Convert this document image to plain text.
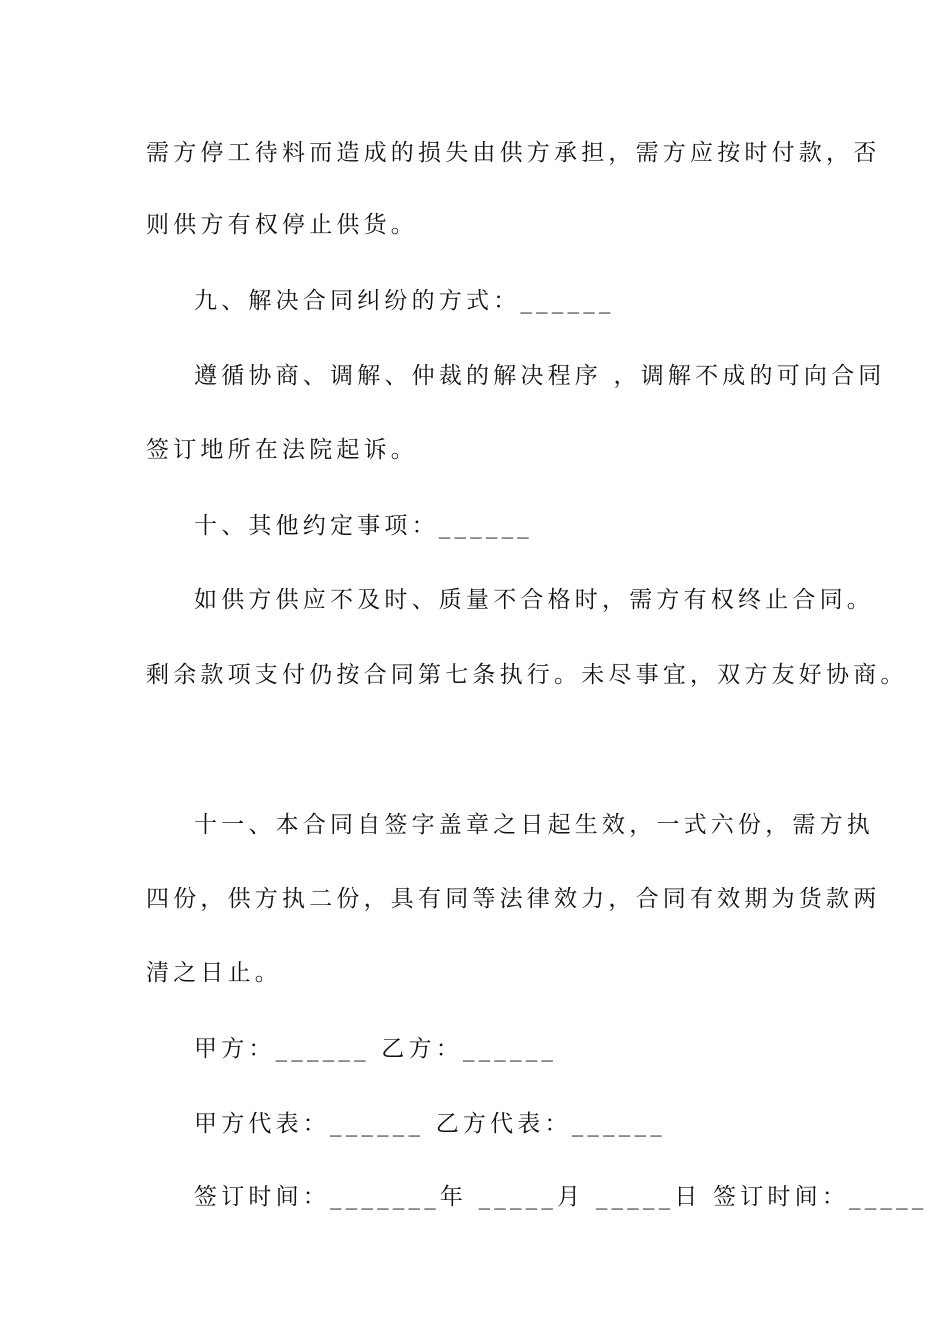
需方停工待料而造成的损失由供方承担，需方应按时付款，否
则供方有权停止供货。
九、解决合同纠纷的方式：______
遵循协商、调解、仲裁的解决程序 ，调解不成的可向合同
签订地所在法院起诉。
十、其他约定事项：______
如供方供应不及时、质量不合格时，需方有权终止合同。
剩余款项支付仍按合同第七条执行。未尽事宜，双方友好协商。
十一、本合同自签字盖章之日起生效，一式六份，需方执
四份，供方执二份，具有同等法律效力，合同有效期为货款两
清之日止。
甲方：______ 乙方：______
甲方代表：______ 乙方代表：______
签订时间：_______年 _____月 _____日 签订时间：_____
